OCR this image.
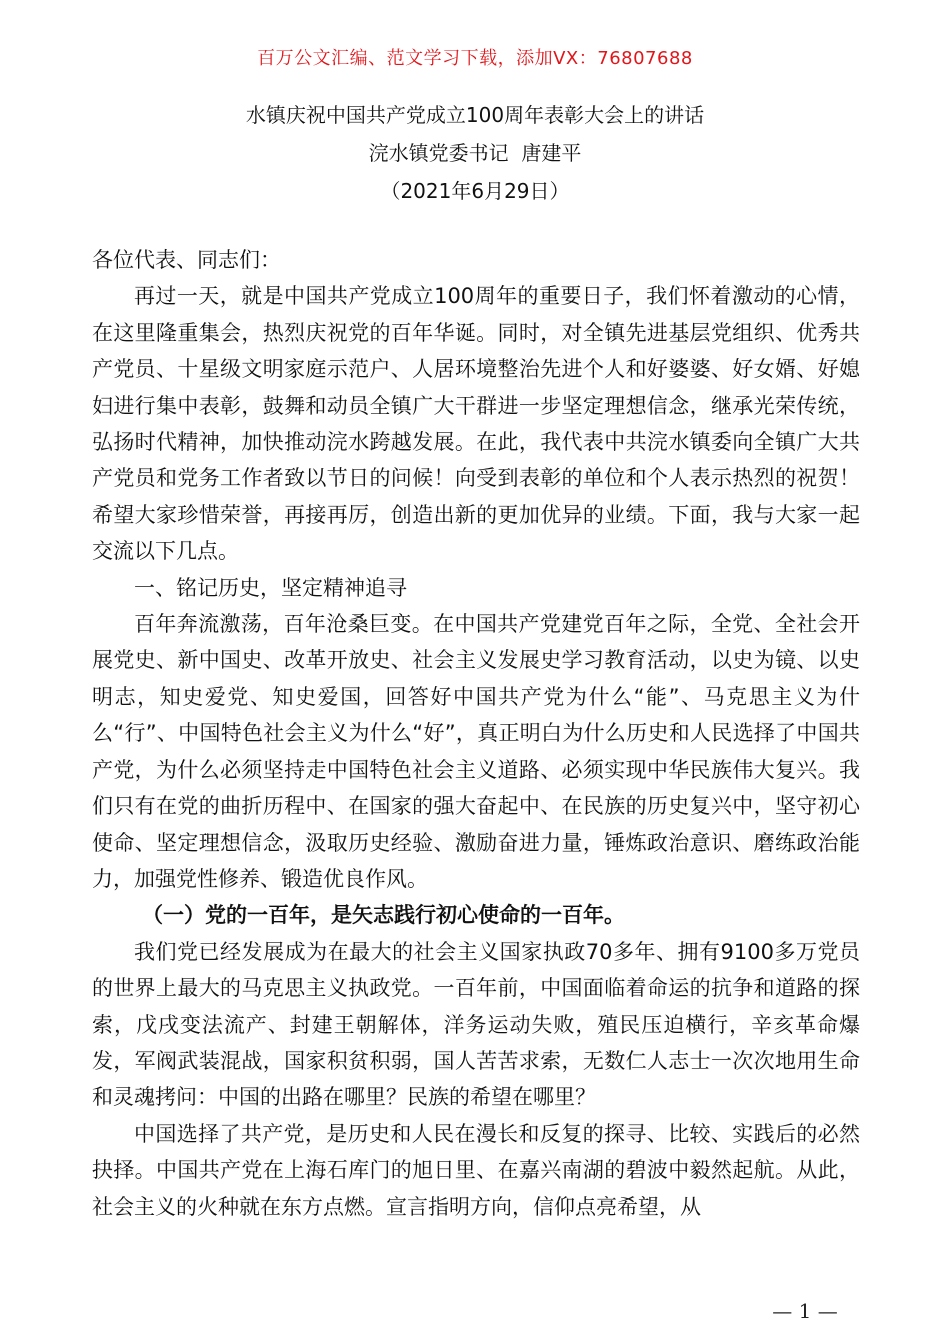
百万公文汇编、范文学习下载，添加VX：76807688
水镇庆祝中国共产党成立100周年表彰大会上的讲话
浣水镇党委书记  唐建平
（2021年6月29日）

各位代表、同志们：

再过一天，就是中国共产党成立100周年的重要日子，我们怀着激动的心情，在这里隆重集会，热烈庆祝党的百年华诞。同时，对全镇先进基层党组织、优秀共产党员、十星级文明家庭示范户、人居环境整治先进个人和好婆婆、好女婿、好媳妇进行集中表彰，鼓舞和动员全镇广大干群进一步坚定理想信念，继承光荣传统，弘扬时代精神，加快推动浣水跨越发展。在此，我代表中共浣水镇委向全镇广大共产党员和党务工作者致以节日的问候！向受到表彰的单位和个人表示热烈的祝贺！希望大家珍惜荣誉，再接再厉，创造出新的更加优异的业绩。下面，我与大家一起交流以下几点。

一、铭记历史，坚定精神追寻

百年奔流激荡，百年沧桑巨变。在中国共产党建党百年之际，全党、全社会开展党史、新中国史、改革开放史、社会主义发展史学习教育活动，以史为镜、以史明志，知史爱党、知史爱国，回答好中国共产党为什么“能”、马克思主义为什么“行”、中国特色社会主义为什么“好”，真正明白为什么历史和人民选择了中国共产党，为什么必须坚持走中国特色社会主义道路、必须实现中华民族伟大复兴。我们只有在党的曲折历程中、在国家的强大奋起中、在民族的历史复兴中，坚守初心使命、坚定理想信念，汲取历史经验、激励奋进力量，锤炼政治意识、磨练政治能力，加强党性修养、锻造优良作风。

（一）党的一百年，是矢志践行初心使命的一百年。

我们党已经发展成为在最大的社会主义国家执政70多年、拥有9100多万党员的世界上最大的马克思主义执政党。一百年前，中国面临着命运的抗争和道路的探索，戊戌变法流产、封建王朝解体，洋务运动失败，殖民压迫横行，辛亥革命爆发，军阀武装混战，国家积贫积弱，国人苦苦求索，无数仁人志士一次次地用生命和灵魂拷问：中国的出路在哪里？民族的希望在哪里？

中国选择了共产党，是历史和人民在漫长和反复的探寻、比较、实践后的必然抉择。中国共产党在上海石库门的旭日里、在嘉兴南湖的碧波中毅然起航。从此，社会主义的火种就在东方点燃。宣言指明方向，信仰点亮希望，从

— 1 —
